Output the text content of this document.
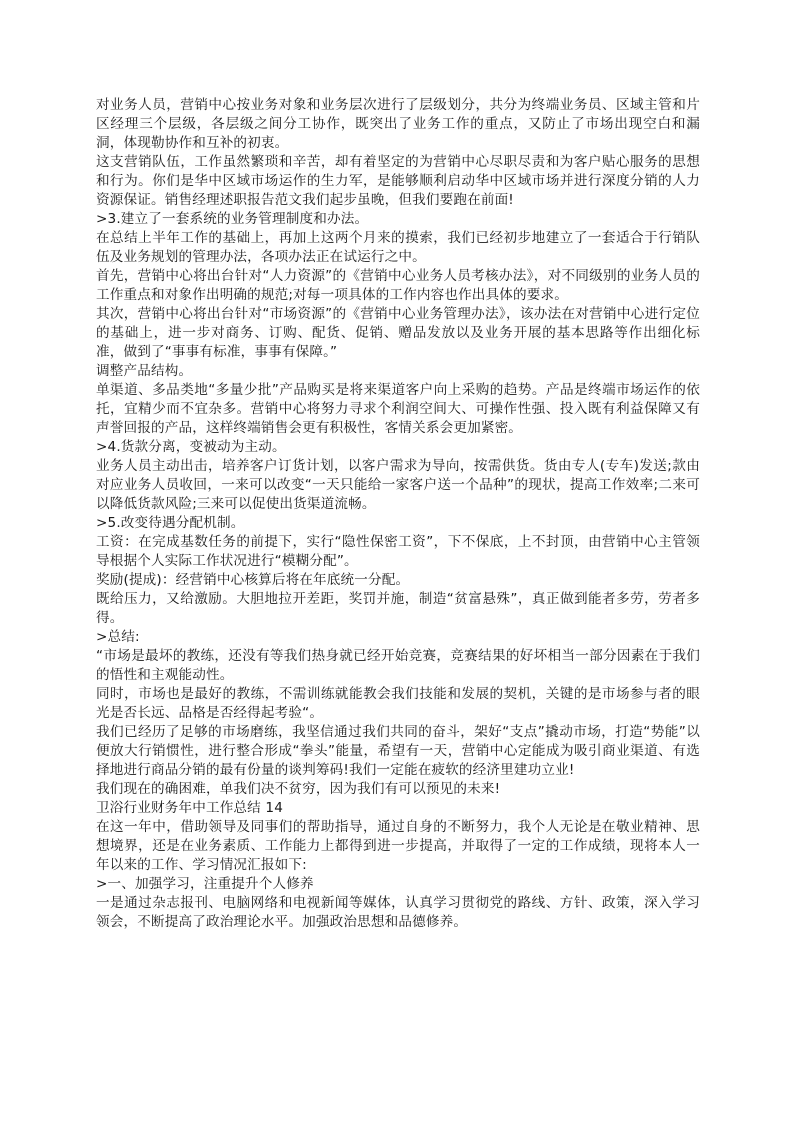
对业务人员，营销中心按业务对象和业务层次进行了层级划分，共分为终端业务员、区域主管和片区经理三个层级，各层级之间分工协作，既突出了业务工作的重点，又防止了市场出现空白和漏洞，体现勒协作和互补的初衷。

这支营销队伍，工作虽然繁琐和辛苦，却有着坚定的为营销中心尽职尽责和为客户贴心服务的思想和行为。你们是华中区域市场运作的生力军，是能够顺利启动华中区域市场并进行深度分销的人力资源保证。销售经理述职报告范文我们起步虽晚，但我们要跑在前面!

>3.建立了一套系统的业务管理制度和办法。

在总结上半年工作的基础上，再加上这两个月来的摸索，我们已经初步地建立了一套适合于行销队伍及业务规划的管理办法，各项办法正在试运行之中。

首先，营销中心将出台针对“人力资源”的《营销中心业务人员考核办法》，对不同级别的业务人员的工作重点和对象作出明确的规范;对每一项具体的工作内容也作出具体的要求。

其次，营销中心将出台针对“市场资源”的《营销中心业务管理办法》，该办法在对营销中心进行定位的基础上，进一步对商务、订购、配货、促销、赠品发放以及业务开展的基本思路等作出细化标准，做到了“事事有标准，事事有保障。”

调整产品结构。

单渠道、多品类地“多量少批”产品购买是将来渠道客户向上采购的趋势。产品是终端市场运作的依托，宜精少而不宜杂多。营销中心将努力寻求个利润空间大、可操作性强、投入既有利益保障又有声誉回报的产品，这样终端销售会更有积极性，客情关系会更加紧密。

>4.货款分离，变被动为主动。

业务人员主动出击，培养客户订货计划，以客户需求为导向，按需供货。货由专人(专车)发送;款由对应业务人员收回，一来可以改变“一天只能给一家客户送一个品种”的现状，提高工作效率;二来可以降低货款风险;三来可以促使出货渠道流畅。

>5.改变待遇分配机制。

工资：在完成基数任务的前提下，实行“隐性保密工资”，下不保底，上不封顶，由营销中心主管领导根据个人实际工作状况进行“模糊分配”。

奖励(提成)：经营销中心核算后将在年底统一分配。

既给压力，又给激励。大胆地拉开差距，奖罚并施，制造“贫富悬殊”，真正做到能者多劳，劳者多得。

>总结:

“市场是最坏的教练，还没有等我们热身就已经开始竞赛，竞赛结果的好坏相当一部分因素在于我们的悟性和主观能动性。

同时，市场也是最好的教练，不需训练就能教会我们技能和发展的契机，关键的是市场参与者的眼光是否长远、品格是否经得起考验“。

我们已经历了足够的市场磨练，我坚信通过我们共同的奋斗，架好“支点”撬动市场，打造“势能”以便放大行销惯性，进行整合形成“拳头”能量，希望有一天，营销中心定能成为吸引商业渠道、有选择地进行商品分销的最有份量的谈判筹码!我们一定能在疲软的经济里建功立业!

我们现在的确困难，单我们决不贫穷，因为我们有可以预见的未来!

卫浴行业财务年中工作总结 14

在这一年中，借助领导及同事们的帮助指导，通过自身的不断努力，我个人无论是在敬业精神、思想境界，还是在业务素质、工作能力上都得到进一步提高，并取得了一定的工作成绩，现将本人一年以来的工作、学习情况汇报如下:

>一、加强学习，注重提升个人修养

一是通过杂志报刊、电脑网络和电视新闻等媒体，认真学习贯彻党的路线、方针、政策，深入学习领会，不断提高了政治理论水平。加强政治思想和品德修养。
